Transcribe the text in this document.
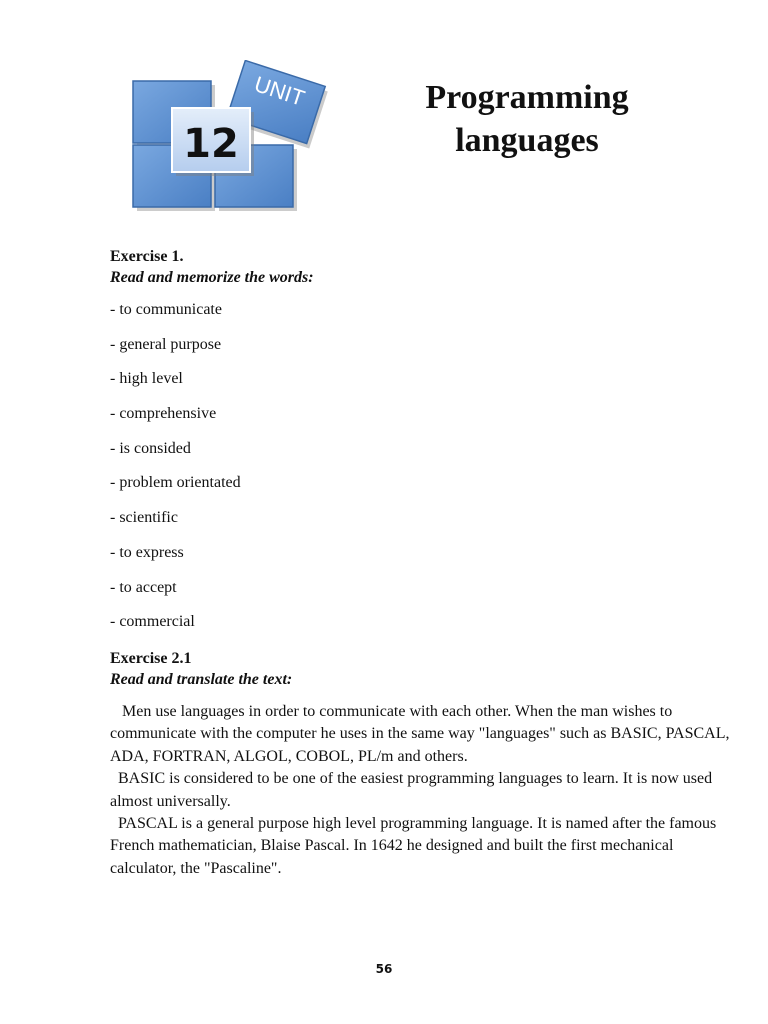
UNIT
12
Programming
languages
Exercise 1.
Read and memorize the words:
- to communicate
- general purpose
- high level
- comprehensive
- is consided
- problem orientated
- scientific
- to express
- to accept
- commercial
Exercise 2.1
Read and translate the text:

Men use languages in order to communicate with each other. When the man wishes to communicate with the computer he uses in the same way "languages" such as BASIC, PASCAL, ADA, FORTRAN, ALGOL, COBOL, PL/m and others.

BASIC is considered to be one of the easiest programming languages to learn. It is now used almost universally.

PASCAL is a general purpose high level programming language. It is named after the famous French mathematician, Blaise Pascal. In 1642 he designed and built the first mechanical calculator, the "Pascaline".

56
